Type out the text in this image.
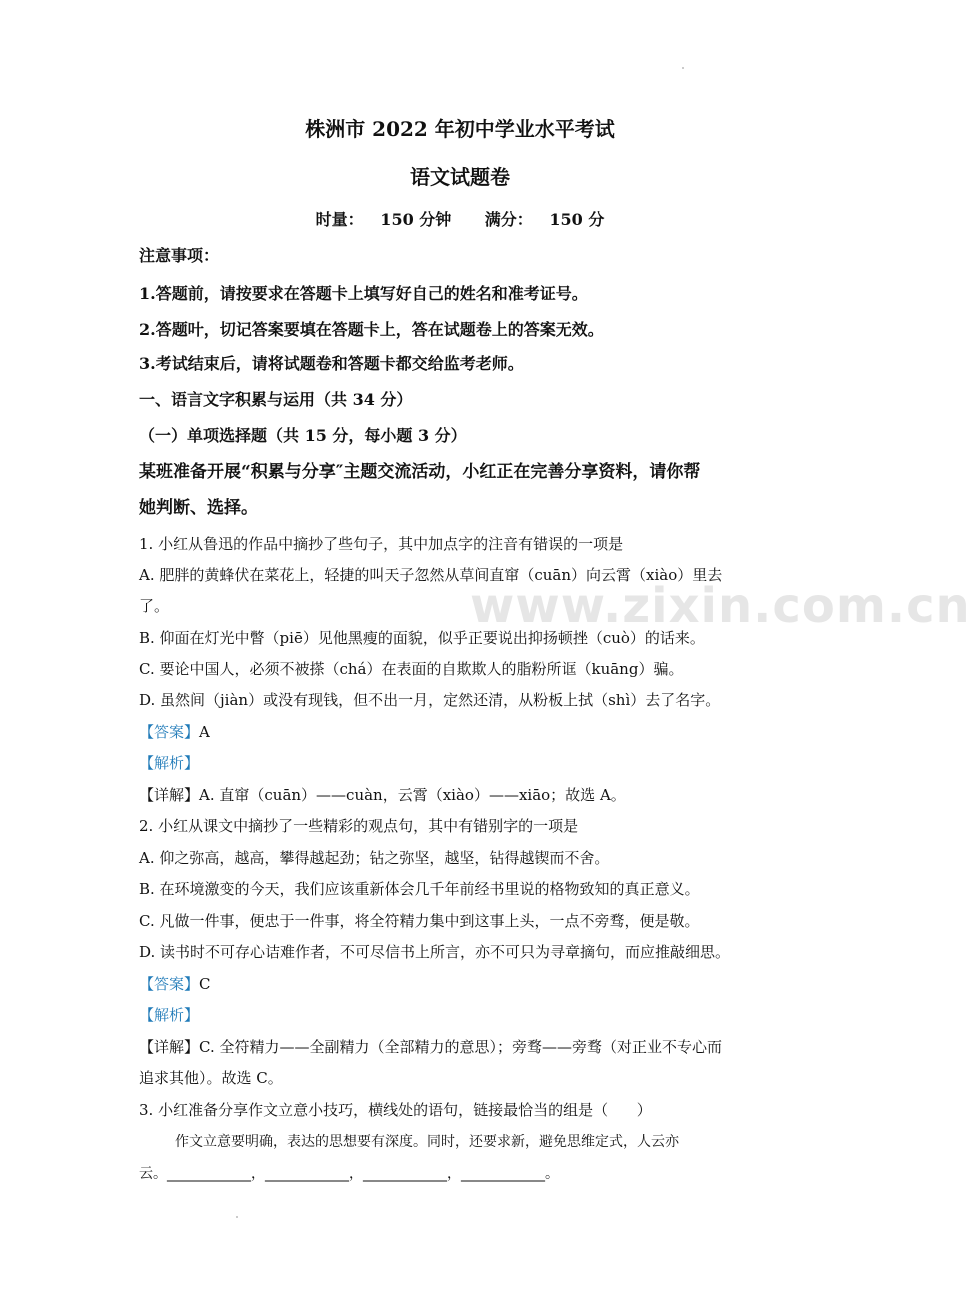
www.zixin.com.cn
株洲市 2022 年初中学业水平考试
语文试题卷
时量：   150 分钟      满分：   150 分
注意事项：
1.答题前，请按要求在答题卡上填写好自己的姓名和准考证号。
2.答题叶，切记答案要填在答题卡上，答在试题卷上的答案无效。
3.考试结束后，请将试题卷和答题卡都交给监考老师。
一、语言文字积累与运用（共 34 分）
（一）单项选择题（共 15 分，每小题 3 分）
某班准备开展“积累与分享″主题交流活动，小红正在完善分享资料，请你帮
她判断、选择。
1. 小红从鲁迅的作品中摘抄了些句子，其中加点字的注音有错误的一项是
A. 肥胖的黄蜂伏在菜花上，轻捷的叫天子忽然从草间直窜（cuān）向云霄（xiào）里去
了。
B. 仰面在灯光中瞥（piē）见他黑瘦的面貌，似乎正要说出抑扬顿挫（cuò）的话来。
C. 要论中国人，必须不被搽（chá）在表面的自欺欺人的脂粉所诓（kuāng）骗。
D. 虽然间（jiàn）或没有现钱，但不出一月，定然还清，从粉板上拭（shì）去了名字。
【答案】A
【解析】
【详解】A. 直窜（cuān）——cuàn，云霄（xiào）——xiāo；故选 A。
2. 小红从课文中摘抄了一些精彩的观点句，其中有错别字的一项是
A. 仰之弥高，越高，攀得越起劲；钻之弥坚，越坚，钻得越锲而不舍。
B. 在环境激变的今天，我们应该重新体会几千年前经书里说的格物致知的真正意义。
C. 凡做一件事，便忠于一件事，将全符精力集中到这事上头，一点不旁骛，便是敬。
D. 读书时不可存心诘难作者，不可尽信书上所言，亦不可只为寻章摘句，而应推敲细思。
【答案】C
【解析】
【详解】C. 全符精力——全副精力（全部精力的意思）；旁骛——旁骛（对正业不专心而
追求其他）。故选 C。
3. 小红准备分享作文立意小技巧，横线处的语句，链接最恰当的组是（      ）
作文立意要明确，表达的思想要有深度。同时，还要求新，避免思维定式，人云亦
云。____________，____________，____________，____________。
